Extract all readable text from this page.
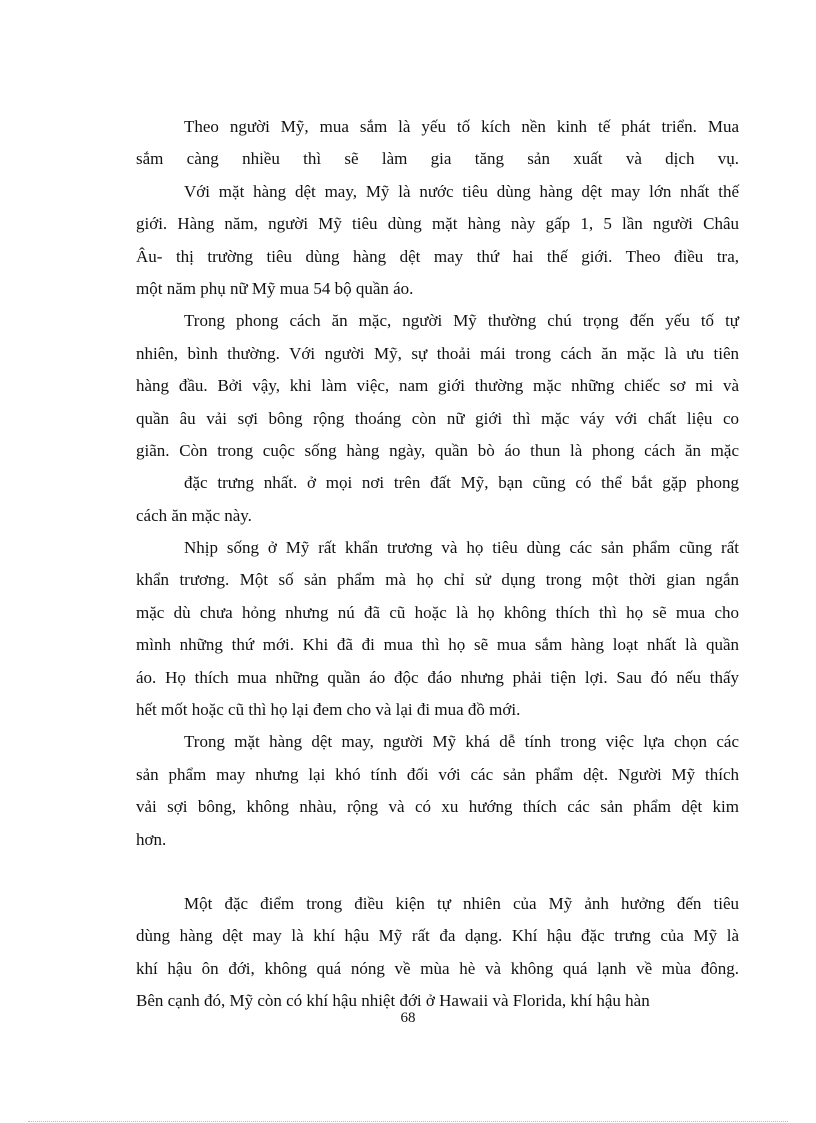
Theo người Mỹ, mua sắm là yếu tố kích nền kinh tế phát triển. Mua
sắm càng nhiều thì sẽ làm gia tăng sản xuất và dịch vụ.
Với mặt hàng dệt may, Mỹ là nước tiêu dùng hàng dệt may lớn nhất thế
giới. Hàng năm, người Mỹ tiêu dùng mặt hàng này gấp 1, 5 lần người Châu
Âu- thị trường tiêu dùng hàng dệt may thứ hai thế giới. Theo điều tra,
một năm phụ nữ Mỹ mua 54 bộ quần áo.
Trong phong cách ăn mặc, người Mỹ thường chú trọng đến yếu tố tự
nhiên, bình thường. Với người Mỹ, sự thoải mái trong cách ăn mặc là ưu tiên
hàng đầu. Bởi vậy, khi làm việc, nam giới thường mặc những chiếc sơ mi và
quần âu vải sợi bông rộng thoáng còn nữ giới thì mặc váy với chất liệu co
giãn. Còn trong cuộc sống hàng ngày, quần bò áo thun là phong cách ăn mặc
đặc trưng nhất. ở mọi nơi trên đất Mỹ, bạn cũng có thể bắt gặp phong
cách ăn mặc này.
Nhịp sống ở Mỹ rất khẩn trương và họ tiêu dùng các sản phẩm cũng rất
khẩn trương. Một số sản phẩm mà họ chỉ sử dụng trong một thời gian ngắn
mặc dù chưa hỏng nhưng nú đã cũ hoặc là họ không thích thì họ sẽ mua cho
mình những thứ mới. Khi đã đi mua thì họ sẽ mua sắm hàng loạt nhất là quần
áo. Họ thích mua những quần áo độc đáo nhưng phải tiện lợi. Sau đó nếu thấy
hết mốt hoặc cũ thì họ lại đem cho và lại đi mua đồ mới.
Trong mặt hàng dệt may, người Mỹ khá dễ tính trong việc lựa chọn các
sản phẩm may nhưng lại khó tính đối với các sản phẩm dệt. Người Mỹ thích
vải sợi bông, không nhàu, rộng và có xu hướng thích các sản phẩm dệt kim
hơn.
Một đặc điểm trong điều kiện tự nhiên của Mỹ ảnh hưởng đến tiêu
dùng hàng dệt may là khí hậu Mỹ rất đa dạng. Khí hậu đặc trưng của Mỹ là
khí hậu ôn đới, không quá nóng về mùa hè và không quá lạnh về mùa đông.
Bên cạnh đó, Mỹ còn có khí hậu nhiệt đới ở Hawaii và Florida, khí hậu hàn
68
